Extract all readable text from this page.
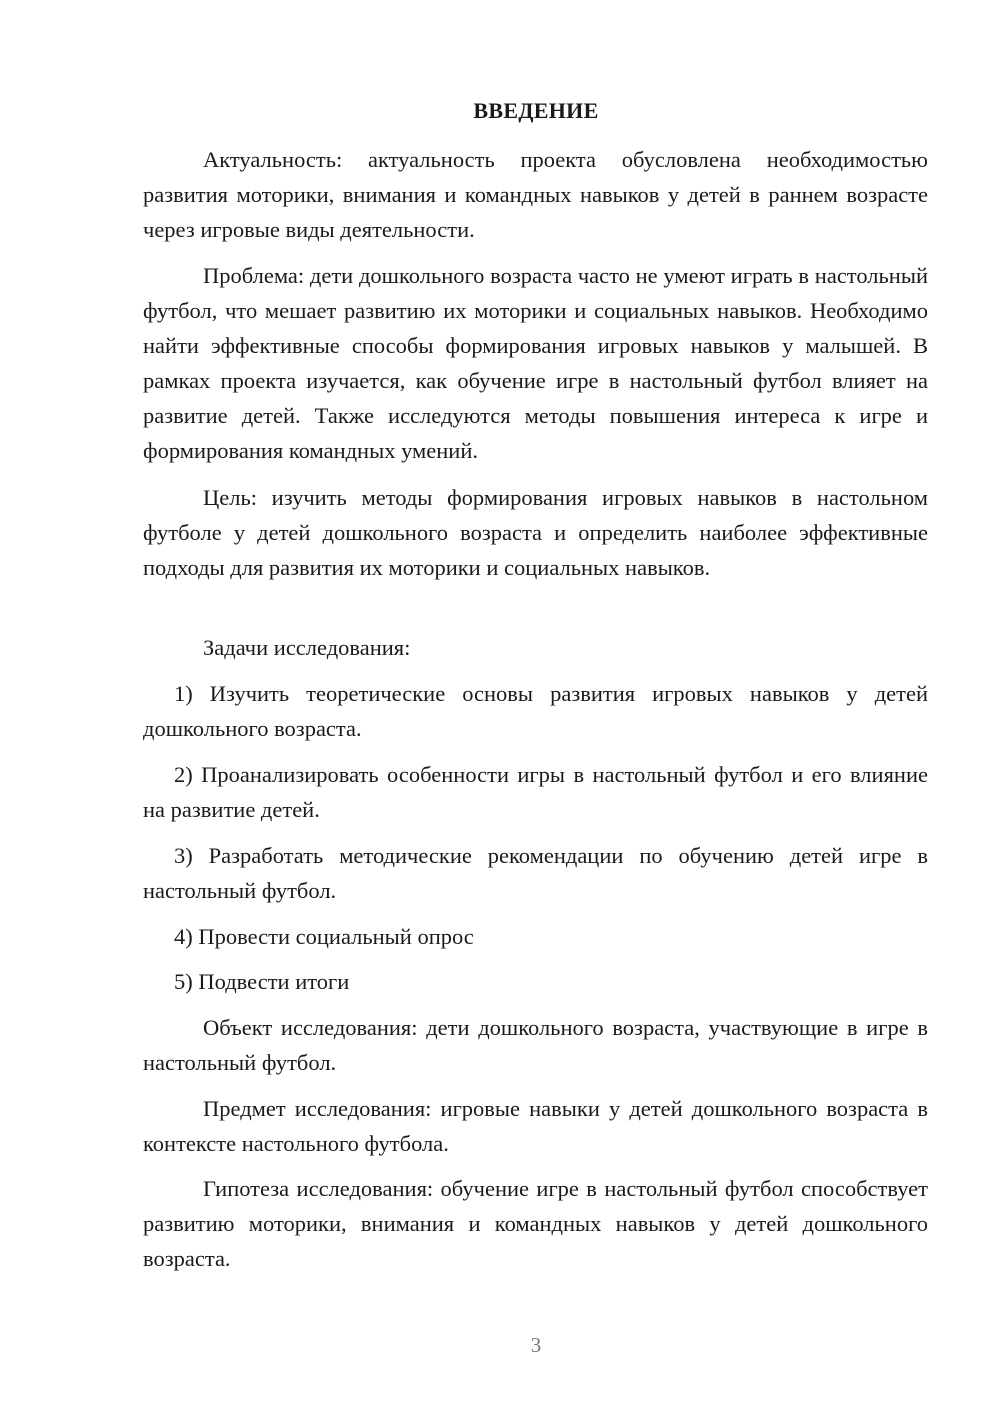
ВВЕДЕНИЕ
Актуальность: актуальность проекта обусловлена необходимостью развития моторики, внимания и командных навыков у детей в раннем возрасте через игровые виды деятельности.
Проблема: дети дошкольного возраста часто не умеют играть в настольный футбол, что мешает развитию их моторики и социальных навыков. Необходимо найти эффективные способы формирования игровых навыков у малышей. В рамках проекта изучается, как обучение игре в настольный футбол влияет на развитие детей. Также исследуются методы повышения интереса к игре и формирования командных умений.
Цель: изучить методы формирования игровых навыков в настольном футболе у детей дошкольного возраста и определить наиболее эффективные подходы для развития их моторики и социальных навыков.
Задачи исследования:
1) Изучить теоретические основы развития игровых навыков у детей дошкольного возраста.
2) Проанализировать особенности игры в настольный футбол и его влияние на развитие детей.
3) Разработать методические рекомендации по обучению детей игре в настольный футбол.
4) Провести социальный опрос
5) Подвести итоги
Объект исследования: дети дошкольного возраста, участвующие в игре в настольный футбол.
Предмет исследования: игровые навыки у детей дошкольного возраста в контексте настольного футбола.
Гипотеза исследования: обучение игре в настольный футбол способствует развитию моторики, внимания и командных навыков у детей дошкольного возраста.
3
